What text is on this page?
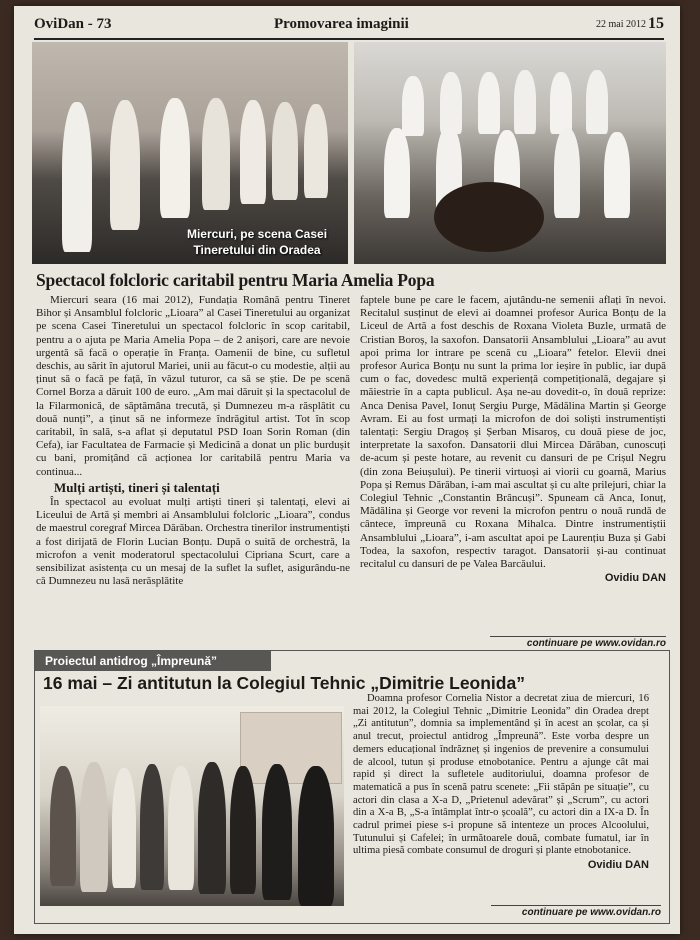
OviDan - 73	Promovarea imaginii	22 mai 2012 15
Miercuri, pe scena Casei Tineretului din Oradea
Spectacol folcloric caritabil pentru Maria Amelia Popa

Miercuri seara (16 mai 2012), Fundația Română pentru Tineret Bihor și Ansamblul folcloric „Lioara” al Casei Tineretului au organizat pe scena Casei Tineretului un spectacol folcloric în scop caritabil, pentru a o ajuta pe Maria Amelia Popa – de 2 anișori, care are nevoie urgentă să facă o operație în Franța. Oamenii de bine, cu sufletul deschis, au sărit în ajutorul Mariei, unii au făcut-o cu modestie, alții au ținut să o facă pe față, în văzul tuturor, ca să se știe. De pe scenă Cornel Borza a dăruit 100 de euro. „Am mai dăruit și la spectacolul de la Filarmonică, de săptămâna trecută, și Dumnezeu m-a răsplătit cu două nunți”, a ținut să ne informeze îndrăgitul artist. Tot în scop caritabil, în sală, s-a aflat și deputatul PSD Ioan Sorin Roman (din Cefa), iar Facultatea de Farmacie și Medicină a donat un plic burdușit cu bani, promițând că acționea lor caritabilă pentru Maria va continua...

Mulți artiști, tineri și talentați

În spectacol au evoluat mulți artiști tineri și talentați, elevi ai Liceului de Artă și membri ai Ansamblului folcloric „Lioara”, condus de maestrul coregraf Mircea Dărăban. Orchestra tinerilor instrumentiști a fost dirijată de Florin Lucian Bonțu. După o suită de orchestră, la microfon a venit moderatorul spectacolului Cipriana Scurt, care a sensibilizat asistența cu un mesaj de la suflet la suflet, asigurându-ne că Dumnezeu nu lasă nerăsplătite

faptele bune pe care le facem, ajutându-ne semenii aflați în nevoi. Recitalul susținut de elevi ai doamnei profesor Aurica Bonțu de la Liceul de Artă a fost deschis de Roxana Violeta Buzle, urmată de Cristian Boroș, la saxofon. Dansatorii Ansamblului „Lioara” au avut apoi prima lor intrare pe scenă cu „Lioara” fetelor. Elevii dnei profesor Aurica Bonțu nu sunt la prima lor ieșire în public, iar după cum o fac, dovedesc multă experiență competițională, degajare și măiestrie în a capta publicul. Așa ne-au dovedit-o, în două reprize: Anca Denisa Pavel, Ionuț Sergiu Purge, Mădălina Martin și George Avram. Ei au fost urmați la microfon de doi soliști instrumentiști talentați: Sergiu Dragoș și Șerban Misaroș, cu două piese de joc, interpretate la saxofon. Dansatorii dlui Mircea Dărăban, cunoscuți de-acum și peste hotare, au revenit cu dansuri de pe Crișul Negru (din zona Beiușului). Pe tinerii virtuoși ai viorii cu goarnă, Marius Popa și Remus Dărăban, i-am mai ascultat și cu alte prilejuri, chiar la Colegiul Tehnic „Constantin Brâncuși”. Spuneam că Anca, Ionuț, Mădălina și George vor reveni la microfon pentru o nouă rundă de cântece, împreună cu Roxana Mihalca. Dintre instrumentiștii Ansamblului „Lioara”, i-am ascultat apoi pe Laurențiu Buza și Gabi Todea, la saxofon, respectiv taragot. Dansatorii și-au continuat recitalul cu dansuri de pe Valea Barcăului.

Ovidiu DAN
continuare pe www.ovidan.ro
Proiectul antidrog „Împreună”
16 mai – Zi antitutun la Colegiul Tehnic „Dimitrie Leonida”

Doamna profesor Cornelia Nistor a decretat ziua de miercuri, 16 mai 2012, la Colegiul Tehnic „Dimitrie Leonida” din Oradea drept „Zi antitutun”, domnia sa implementând și în acest an școlar, ca și anul trecut, proiectul antidrog „Împreună”. Este vorba despre un demers educațional îndrăzneț și ingenios de prevenire a consumului de alcool, tutun și produse etnobotanice. Pentru a ajunge cât mai rapid și direct la sufletele auditoriului, doamna profesor de matematică a pus în scenă patru scenete: „Fii stăpân pe situație”, cu actori din clasa a X-a D, „Prietenul adevărat” și „Scrum”, cu actori din a X-a B, „S-a întâmplat într-o școală”, cu actori din a IX-a D. În cadrul primei piese s-i propune să intenteze un proces Alcoolului, Tutunului și Cafelei; în următoarele două, combate fumatul, iar în ultima piesă combate consumul de droguri și plante etnobotanice.

Ovidiu DAN
continuare pe www.ovidan.ro
